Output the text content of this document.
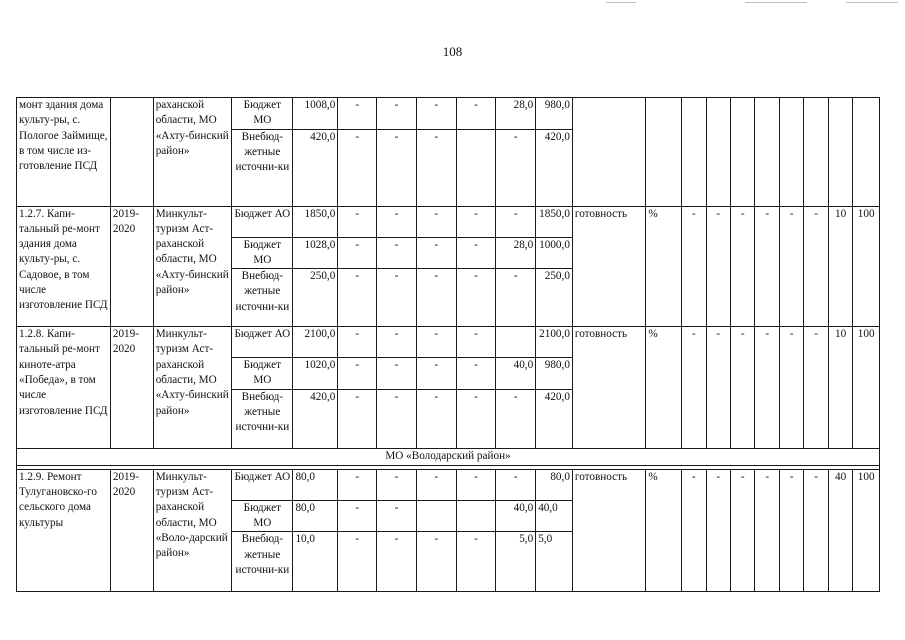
108
монт здания дома культу-ры, с. Пологое Займище, в том числе из-готовление ПСД		раханской области, МО «Ахту-бинский район»	Бюджет МО	1008,0	-	-	-	-	28,0	980,0										
			Внебюд-жетные источни-ки	420,0	-	-	-		-	420,0										
1.2.7. Капи-тальный ре-монт здания дома культу-ры, с. Садовое, в том числе изготовление ПСД	2019-2020	Минкульт-туризм Аст-раханской области, МО «Ахту-бинский район»	Бюджет АО	1850,0	-	-	-	-	-	1850,0	готовность	%	-	-	-	-	-	-	10	100
			Бюджет МО	1028,0	-	-	-	-	28,0	1000,0										
			Внебюд-жетные источни-ки	250,0	-	-	-	-	-	250,0										
1.2.8. Капи-тальный ре-монт киноте-атра «Победа», в том числе изготовление ПСД	2019-2020	Минкульт-туризм Аст-раханской области, МО «Ахту-бинский район»	Бюджет АО	2100,0	-	-	-	-		2100,0	готовность	%	-	-	-	-	-	-	10	100
			Бюджет МО	1020,0	-	-	-	-	40,0	980,0										
			Внебюд-жетные источни-ки	420,0	-	-	-	-	-	420,0										
МО «Володарский район»																				

1.2.9. Ремонт Тулугановско-го сельского дома культуры	2019-2020	Минкульт-туризм Аст-раханской области, МО «Воло-дарский район»	Бюджет АО	80,0	-	-	-	-	-	80,0	готовность	%	-	-	-	-	-	-	40	100
			Бюджет МО	80,0	-	-			40,0	40,0										
			Внебюд-жетные источни-ки	10,0	-	-	-	-	5,0	5,0										
